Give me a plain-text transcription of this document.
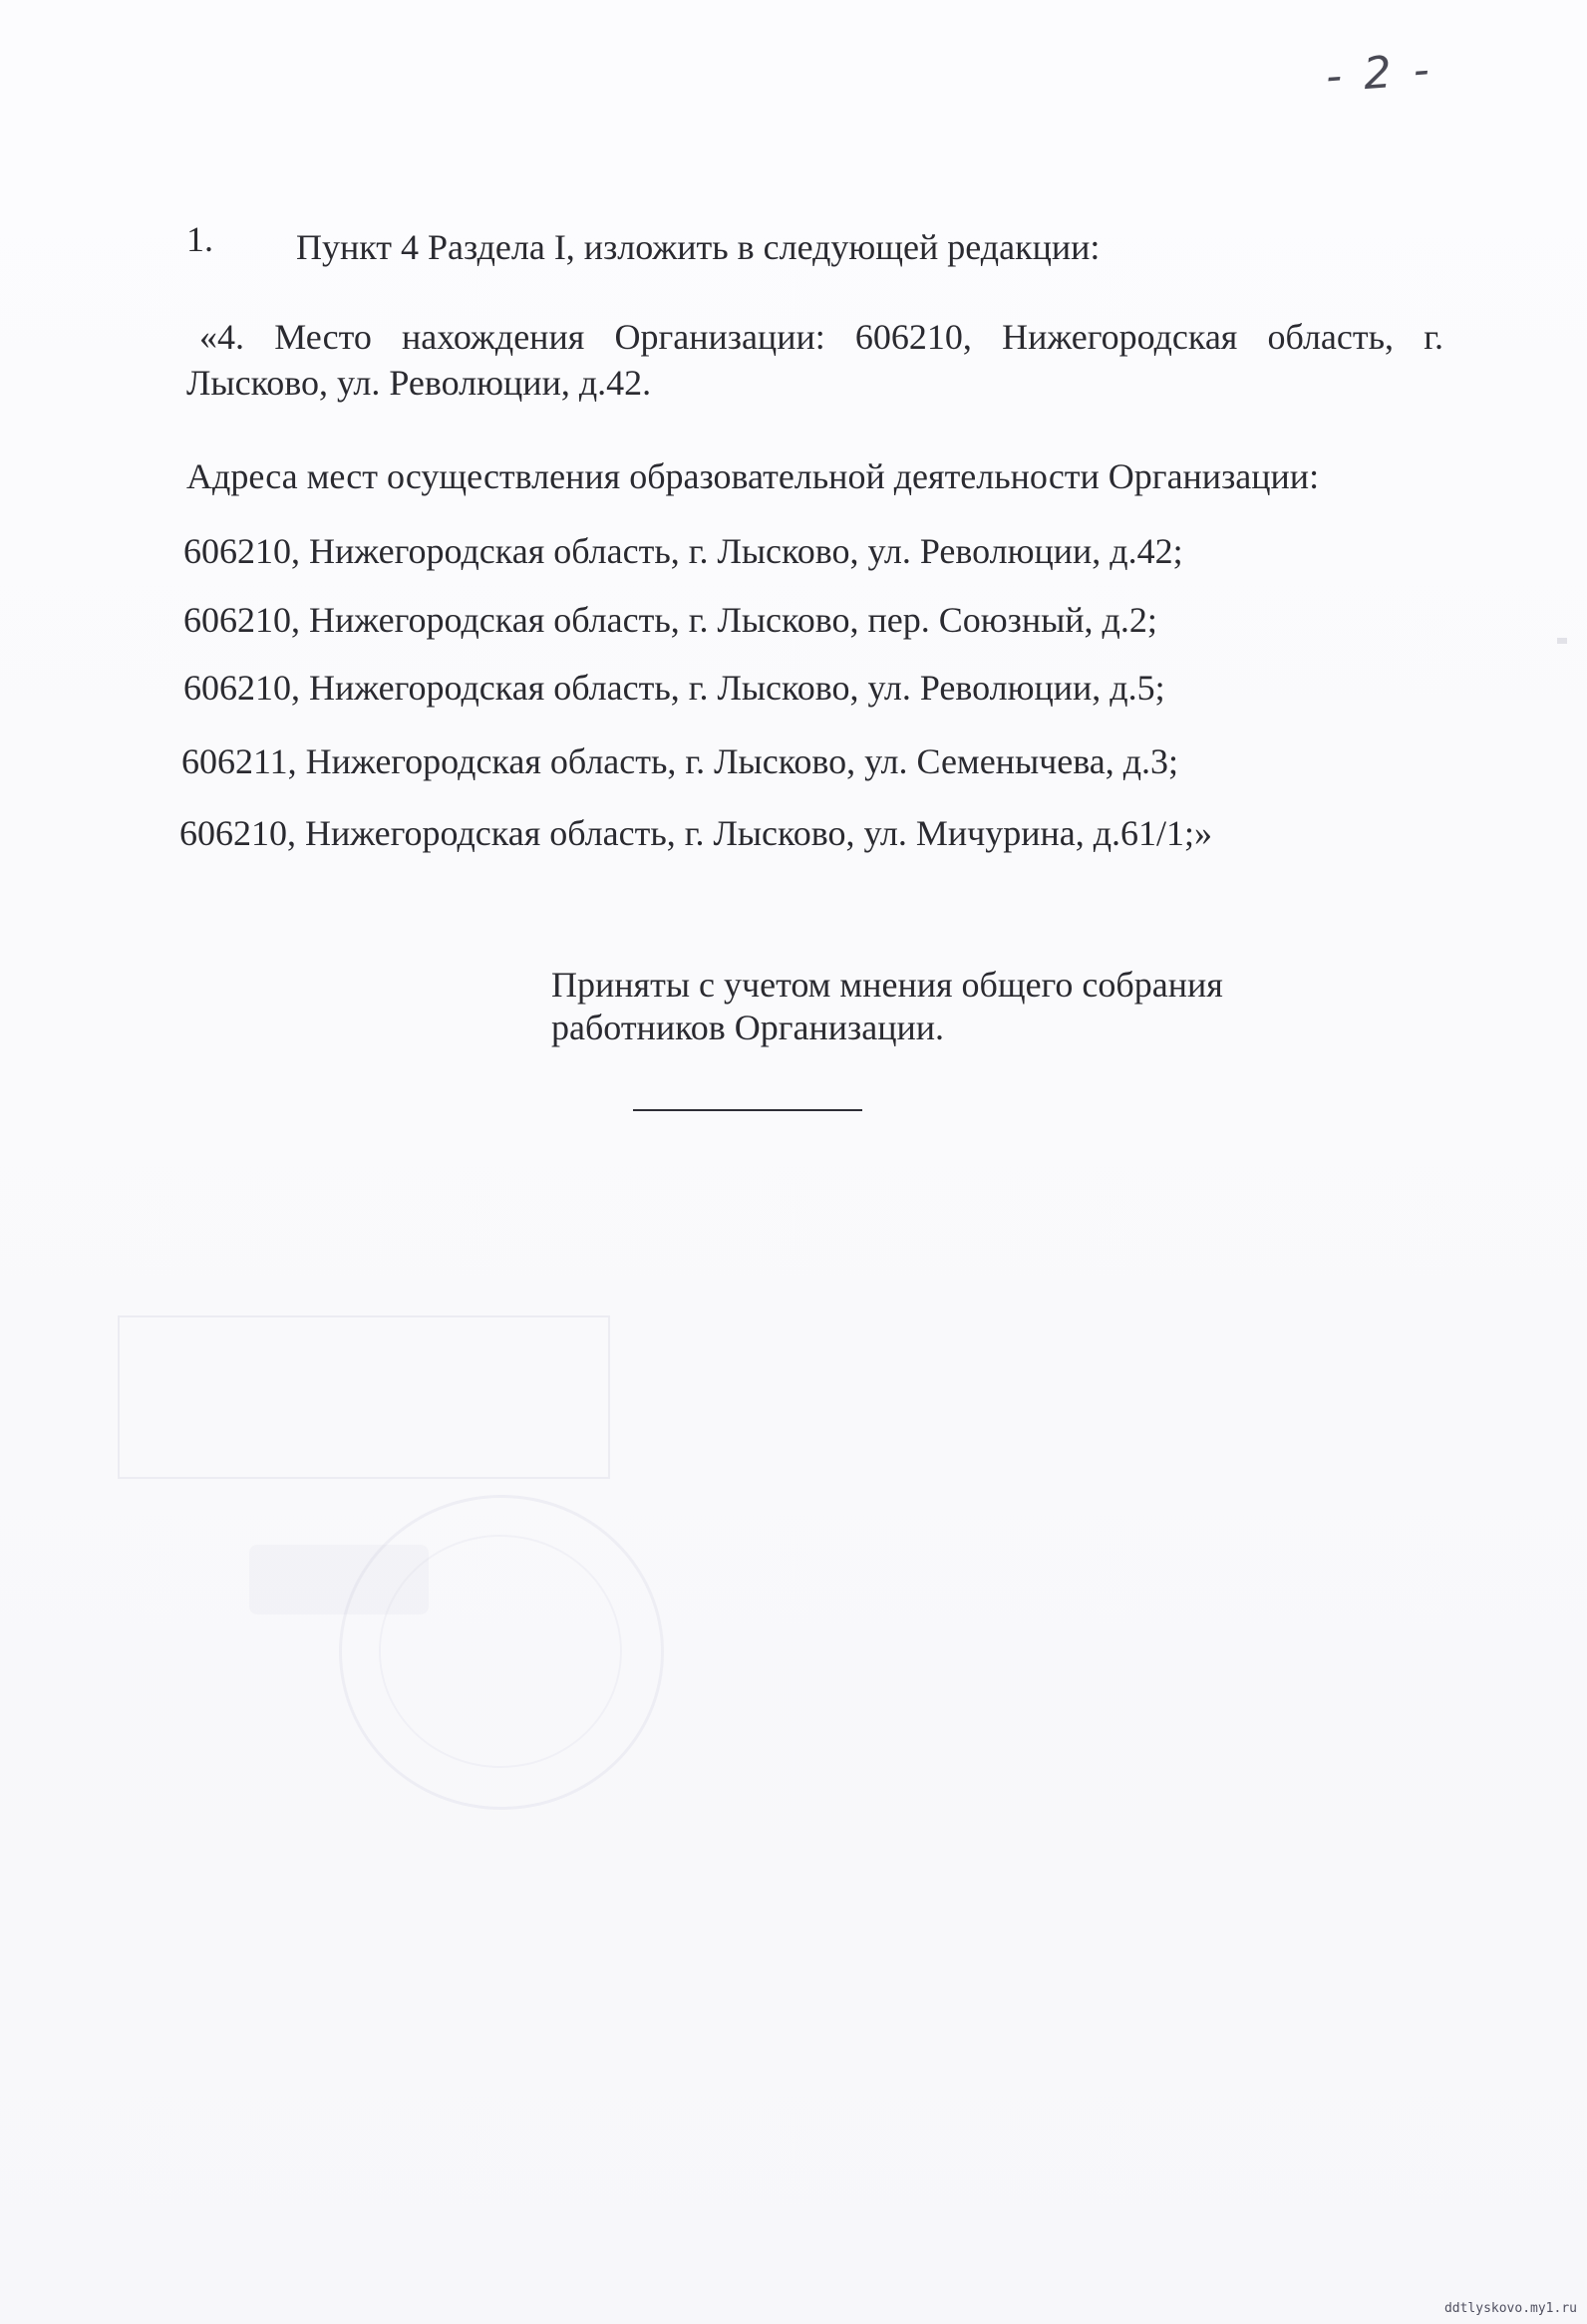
- 2 -
1. Пункт 4 Раздела I, изложить в следующей редакции:
«4. Место нахождения Организации: 606210, Нижегородская область, г.
Лысково, ул. Революции, д.42.
Адреса мест осуществления образовательной деятельности Организации:
606210, Нижегородская область, г. Лысково, ул. Революции, д.42;
606210, Нижегородская область, г. Лысково, пер. Союзный, д.2;
606210, Нижегородская область, г. Лысково, ул. Революции, д.5;
606211, Нижегородская область, г. Лысково, ул. Семенычева, д.3;
606210, Нижегородская область, г. Лысково, ул. Мичурина, д.61/1;»
Приняты с учетом мнения общего собрания
работников Организации.
ddtlyskovo.my1.ru
